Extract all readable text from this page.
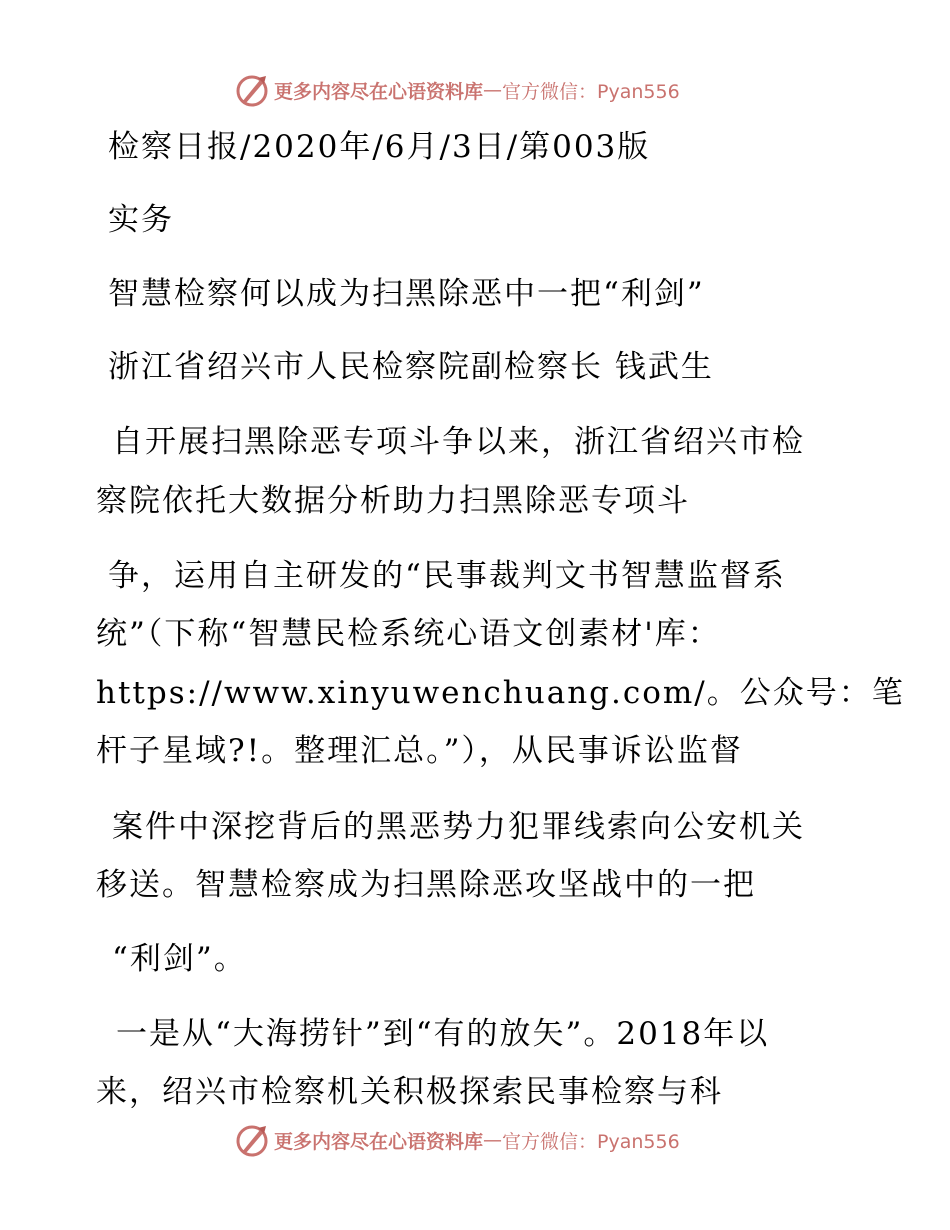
更多内容尽在心语资料库 — 官方微信：Pyan556
检察日报/2020年/6月/3日/第003版
实务
智慧检察何以成为扫黑除恶中一把“利剑”
浙江省绍兴市人民检察院副检察长 钱武生
自开展扫黑除恶专项斗争以来，浙江省绍兴市检
察院依托大数据分析助力扫黑除恶专项斗
争，运用自主研发的“民事裁判文书智慧监督系
统”（下称“智慧民检系统心语文创素材'库：
https://www.xinyuwenchuang.com/。公众号：笔
杆子星域?!。整理汇总。”），从民事诉讼监督
案件中深挖背后的黑恶势力犯罪线索向公安机关
移送。智慧检察成为扫黑除恶攻坚战中的一把
“利剑”。
一是从“大海捞针”到“有的放矢”。2018年以
来，绍兴市检察机关积极探索民事检察与科
更多内容尽在心语资料库 — 官方微信：Pyan556
